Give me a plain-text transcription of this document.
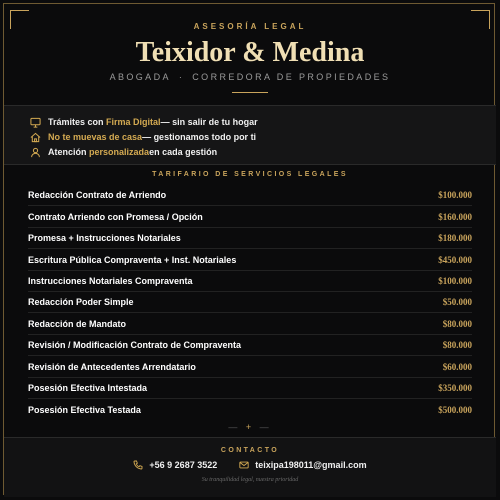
ASESORÍA LEGAL
Teixidor & Medina
ABOGADA · CORREDORA DE PROPIEDADES
Trámites con
Firma Digital — sin salir de tu hogar
No te muevas de casa — gestionamos todo por ti
Atención
personalizada en cada gestión
TARIFARIO DE SERVICIOS LEGALES
Redacción Contrato de Arriendo	$100.000
Contrato Arriendo con Promesa / Opción	$160.000
Promesa + Instrucciones Notariales	$180.000
Escritura Pública Compraventa + Inst. Notariales	$450.000
Instrucciones Notariales Compraventa	$100.000
Redacción Poder Simple	$50.000
Redacción de Mandato	$80.000
Revisión / Modificación Contrato de Compraventa	$80.000
Revisión de Antecedentes Arrendatario	$60.000
Posesión Efectiva Intestada	$350.000
Posesión Efectiva Testada	$500.000
— + —
CONTACTO
+56 9 2687 3522	teixipa198011@gmail.com
Su tranquilidad legal, nuestra prioridad
